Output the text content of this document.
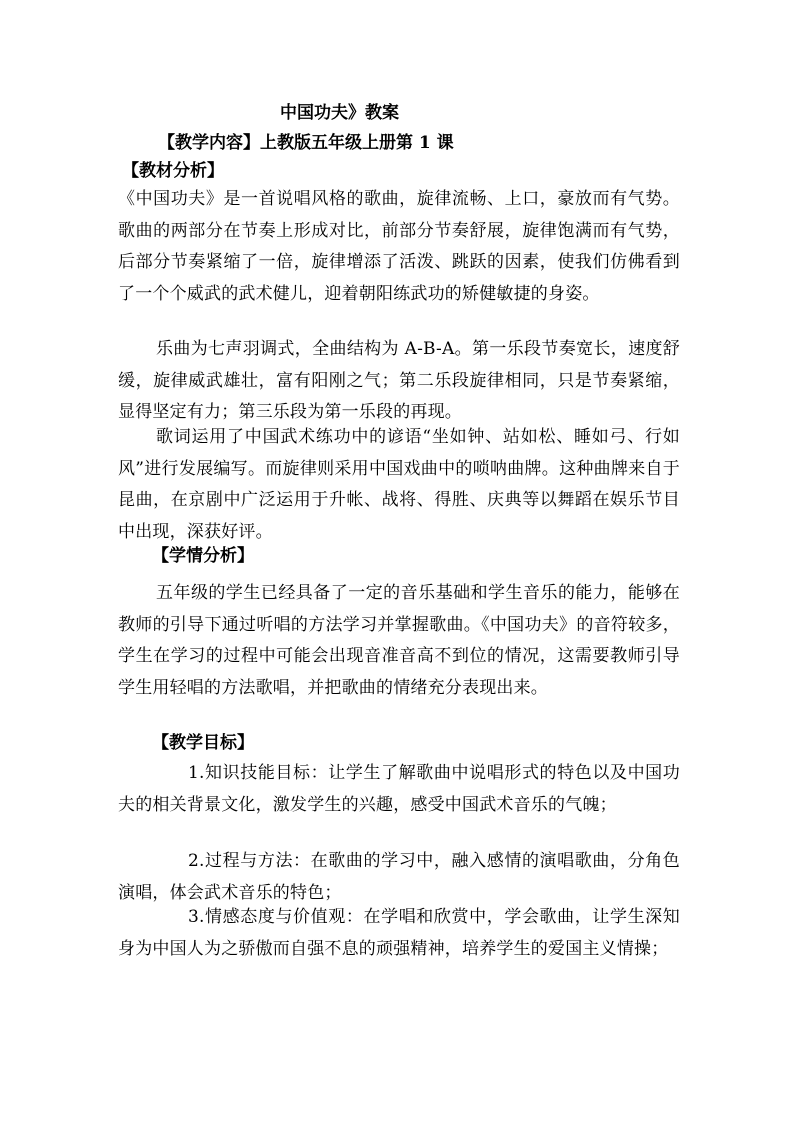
中国功夫》教案
【教学内容】上教版五年级上册第 1 课
【教材分析】
《中国功夫》是一首说唱风格的歌曲，旋律流畅、上口，豪放而有气势。歌曲的两部分在节奏上形成对比，前部分节奏舒展，旋律饱满而有气势，后部分节奏紧缩了一倍，旋律增添了活泼、跳跃的因素，使我们仿佛看到了一个个威武的武术健儿，迎着朝阳练武功的矫健敏捷的身姿。
乐曲为七声羽调式，全曲结构为 A-B-A。第一乐段节奏宽长，速度舒缓，旋律威武雄壮，富有阳刚之气；第二乐段旋律相同，只是节奏紧缩，显得坚定有力；第三乐段为第一乐段的再现。
歌词运用了中国武术练功中的谚语“坐如钟、站如松、睡如弓、行如风”进行发展编写。而旋律则采用中国戏曲中的唢呐曲牌。这种曲牌来自于昆曲，在京剧中广泛运用于升帐、战将、得胜、庆典等以舞蹈在娱乐节目中出现，深获好评。
【学情分析】
五年级的学生已经具备了一定的音乐基础和学生音乐的能力，能够在教师的引导下通过听唱的方法学习并掌握歌曲。《中国功夫》的音符较多，学生在学习的过程中可能会出现音准音高不到位的情况，这需要教师引导学生用轻唱的方法歌唱，并把歌曲的情绪充分表现出来。
【教学目标】
1.知识技能目标：让学生了解歌曲中说唱形式的特色以及中国功夫的相关背景文化，激发学生的兴趣，感受中国武术音乐的气魄；
2.过程与方法：在歌曲的学习中，融入感情的演唱歌曲，分角色演唱，体会武术音乐的特色；
3.情感态度与价值观：在学唱和欣赏中，学会歌曲，让学生深知身为中国人为之骄傲而自强不息的顽强精神，培养学生的爱国主义情操；
